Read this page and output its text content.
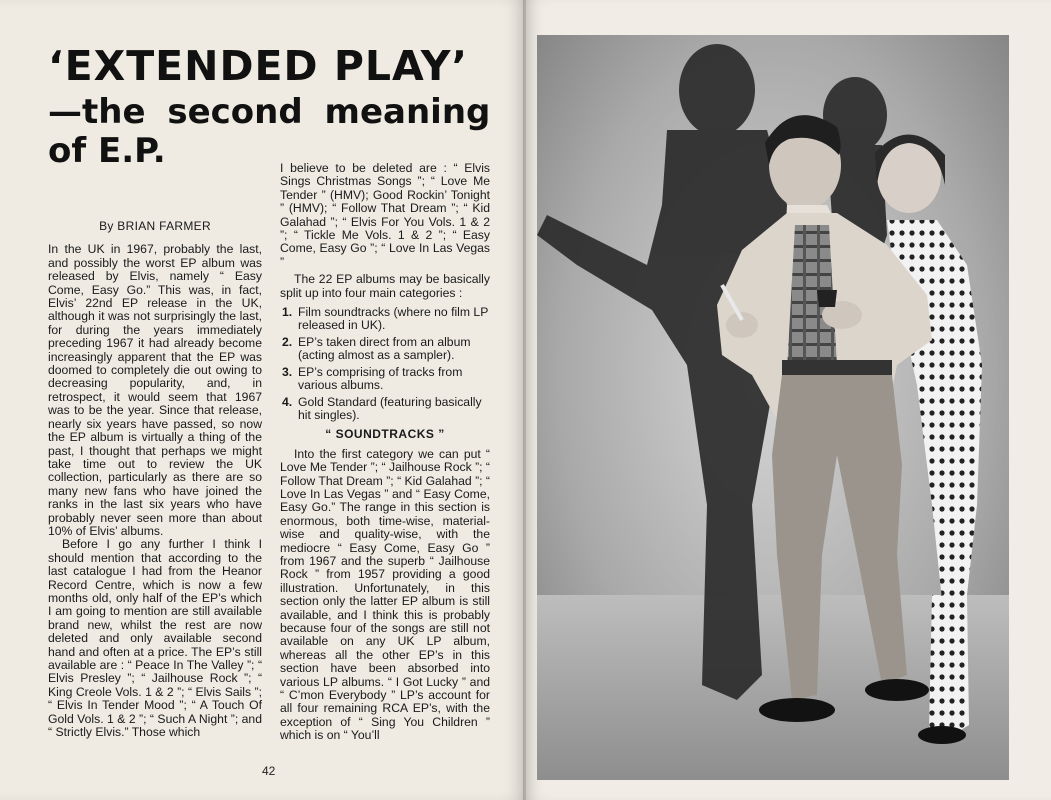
‘EXTENDED PLAY’
—the second meaning
of E.P.

By BRIAN FARMER

In the UK in 1967, probably the last, and possibly the worst EP album was released by Elvis, namely “ Easy Come, Easy Go.” This was, in fact, Elvis’ 22nd EP release in the UK, although it was not surprisingly the last, for during the years immediately preceding 1967 it had already become increasingly apparent that the EP was doomed to completely die out owing to decreasing popularity, and, in retrospect, it would seem that 1967 was to be the year. Since that release, nearly six years have passed, so now the EP album is virtually a thing of the past, I thought that perhaps we might take time out to review the UK collection, particularly as there are so many new fans who have joined the ranks in the last six years who have probably never seen more than about 10% of Elvis’ albums.

Before I go any further I think I should mention that according to the last catalogue I had from the Heanor Record Centre, which is now a few months old, only half of the EP’s which I am going to mention are still available brand new, whilst the rest are now deleted and only available second hand and often at a price. The EP’s still available are : “ Peace In The Valley ”; “ Elvis Presley ”; “ Jailhouse Rock ”; “ King Creole Vols. 1 & 2 ”; “ Elvis Sails ”; “ Elvis In Tender Mood ”; “ A Touch Of Gold Vols. 1 & 2 ”; “ Such A Night ”; and “ Strictly Elvis.” Those which

I believe to be deleted are : “ Elvis Sings Christmas Songs ”; “ Love Me Tender ” (HMV); Good Rockin’ Tonight ” (HMV); “ Follow That Dream ”; “ Kid Galahad ”; “ Elvis For You Vols. 1 & 2 ”; “ Tickle Me Vols. 1 & 2 ”; “ Easy Come, Easy Go ”; “ Love In Las Vegas ”

The 22 EP albums may be basically split up into four main categories :

1. Film soundtracks (where no film LP released in UK).
2. EP’s taken direct from an album (acting almost as a sampler).
3. EP’s comprising of tracks from various albums.
4. Gold Standard (featuring basically hit singles).

“ SOUNDTRACKS ”

Into the first category we can put “ Love Me Tender ”; “ Jailhouse Rock ”; “ Follow That Dream ”; “ Kid Galahad ”; “ Love In Las Vegas ” and “ Easy Come, Easy Go.” The range in this section is enormous, both time-wise, material-wise and quality-wise, with the mediocre “ Easy Come, Easy Go ” from 1967 and the superb “ Jailhouse Rock ” from 1957 providing a good illustration. Unfortunately, in this section only the latter EP album is still available, and I think this is probably because four of the songs are still not available on any UK LP album, whereas all the other EP’s in this section have been absorbed into various LP albums. “ I Got Lucky ” and “ C’mon Everybody ” LP’s account for all four remaining RCA EP’s, with the exception of “ Sing You Children ” which is on “ You’ll

42
